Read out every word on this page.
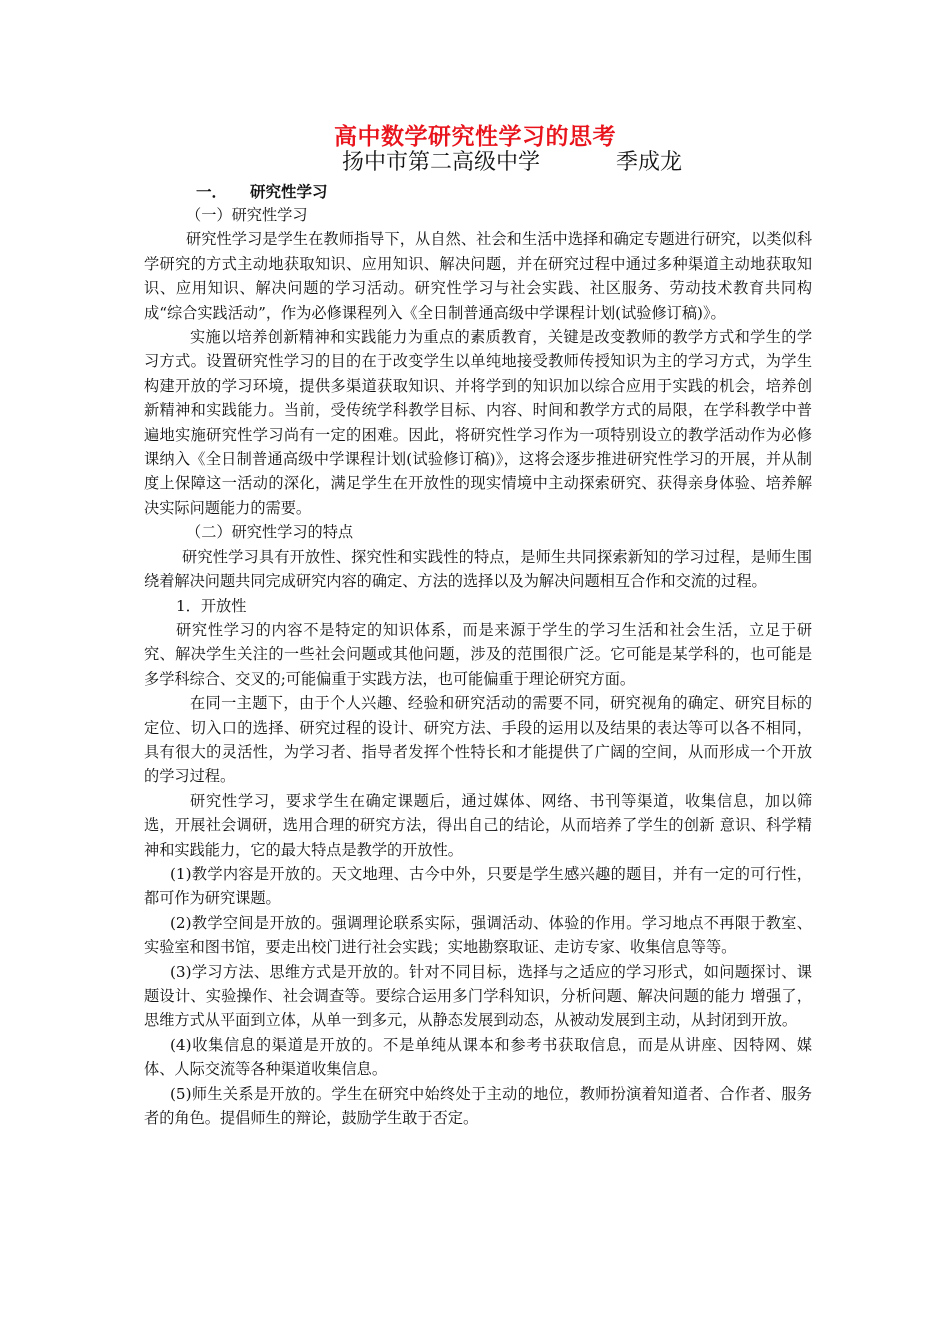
高中数学研究性学习的思考
扬中市第二高级中学	季成龙
一． 研究性学习

（一）研究性学习

研究性学习是学生在教师指导下，从自然、社会和生活中选择和确定专题进行研究，以类似科学研究的方式主动地获取知识、应用知识、解决问题，并在研究过程中通过多种渠道主动地获取知识、应用知识、解决问题的学习活动。研究性学习与社会实践、社区服务、劳动技术教育共同构成“综合实践活动”，作为必修课程列入《全日制普通高级中学课程计划(试验修订稿)》。

实施以培养创新精神和实践能力为重点的素质教育，关键是改变教师的教学方式和学生的学习方式。设置研究性学习的目的在于改变学生以单纯地接受教师传授知识为主的学习方式，为学生构建开放的学习环境，提供多渠道获取知识、并将学到的知识加以综合应用于实践的机会，培养创新精神和实践能力。当前，受传统学科教学目标、内容、时间和教学方式的局限，在学科教学中普遍地实施研究性学习尚有一定的困难。因此，将研究性学习作为一项特别设立的教学活动作为必修课纳入《全日制普通高级中学课程计划(试验修订稿)》，这将会逐步推进研究性学习的开展，并从制度上保障这一活动的深化，满足学生在开放性的现实情境中主动探索研究、获得亲身体验、培养解决实际问题能力的需要。

（二）研究性学习的特点

研究性学习具有开放性、探究性和实践性的特点，是师生共同探索新知的学习过程，是师生围绕着解决问题共同完成研究内容的确定、方法的选择以及为解决问题相互合作和交流的过程。

1．开放性

研究性学习的内容不是特定的知识体系，而是来源于学生的学习生活和社会生活，立足于研究、解决学生关注的一些社会问题或其他问题，涉及的范围很广泛。它可能是某学科的，也可能是多学科综合、交叉的;可能偏重于实践方法，也可能偏重于理论研究方面。

在同一主题下，由于个人兴趣、经验和研究活动的需要不同，研究视角的确定、研究目标的定位、切入口的选择、研究过程的设计、研究方法、手段的运用以及结果的表达等可以各不相同，具有很大的灵活性，为学习者、指导者发挥个性特长和才能提供了广阔的空间，从而形成一个开放的学习过程。

研究性学习，要求学生在确定课题后，通过媒体、网络、书刊等渠道，收集信息，加以筛选，开展社会调研，选用合理的研究方法，得出自己的结论，从而培养了学生的创新 意识、科学精神和实践能力，它的最大特点是教学的开放性。

(1)教学内容是开放的。天文地理、古今中外，只要是学生感兴趣的题目，并有一定的可行性，都可作为研究课题。

(2)教学空间是开放的。强调理论联系实际，强调活动、体验的作用。学习地点不再限于教室、实验室和图书馆，要走出校门进行社会实践；实地勘察取证、走访专家、收集信息等等。

(3)学习方法、思维方式是开放的。针对不同目标，选择与之适应的学习形式，如问题探讨、课题设计、实验操作、社会调查等。要综合运用多门学科知识，分析问题、解决问题的能力 增强了，思维方式从平面到立体，从单一到多元，从静态发展到动态，从被动发展到主动，从封闭到开放。

(4)收集信息的渠道是开放的。不是单纯从课本和参考书获取信息，而是从讲座、因特网、媒体、人际交流等各种渠道收集信息。

(5)师生关系是开放的。学生在研究中始终处于主动的地位，教师扮演着知道者、合作者、服务者的角色。提倡师生的辩论，鼓励学生敢于否定。
